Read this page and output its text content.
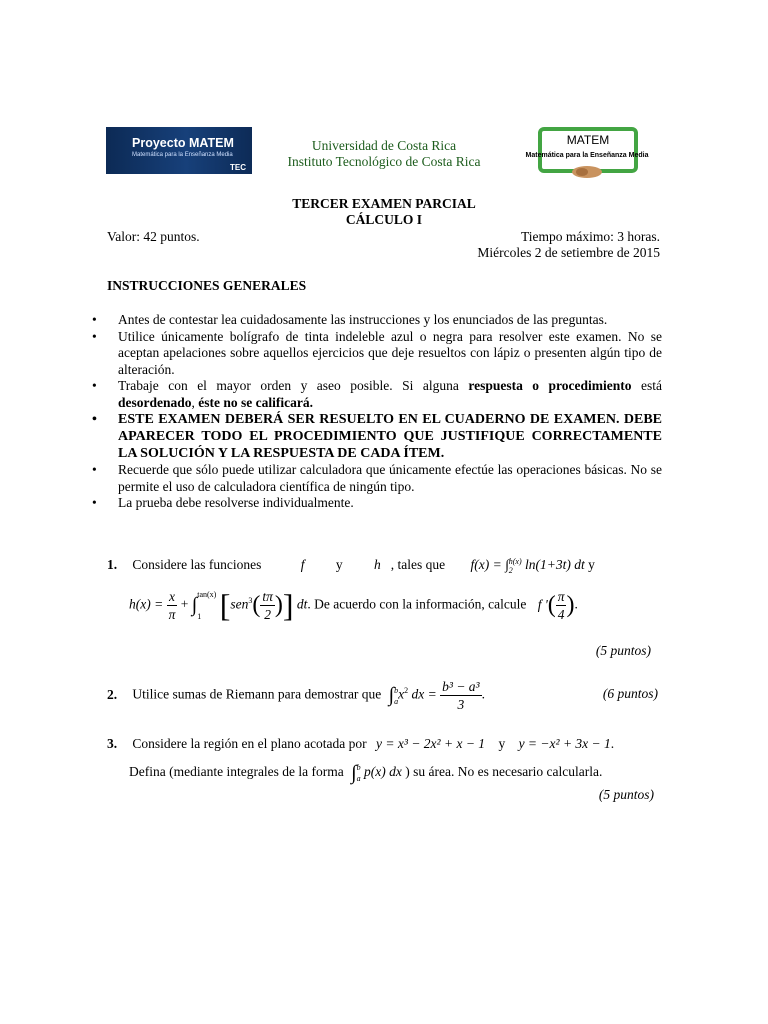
Proyecto MATEM
Matemática para la Enseñanza Media
TEC
Universidad de Costa Rica
Instituto Tecnológico de Costa Rica
MATEM
Matemática para la Enseñanza Media
TERCER EXAMEN PARCIAL
CÁLCULO I
Valor: 42 puntos.	Tiempo máximo: 3 horas.
Miércoles 2 de setiembre de 2015
INSTRUCCIONES GENERALES

• Antes de contestar lea cuidadosamente las instrucciones y los enunciados de las preguntas.

• Utilice únicamente bolígrafo de tinta indeleble azul o negra para resolver este examen. No se aceptan apelaciones sobre aquellos ejercicios que deje resueltos con lápiz o presenten algún tipo de alteración.

• Trabaje con el mayor orden y aseo posible. Si alguna respuesta o procedimiento está desordenado, éste no se calificará.

• ESTE EXAMEN DEBERÁ SER RESUELTO EN EL CUADERNO DE EXAMEN. DEBE APARECER TODO EL PROCEDIMIENTO QUE JUSTIFIQUE CORRECTAMENTE LA SOLUCIÓN Y LA RESPUESTA DE CADA ÍTEM.

• Recuerde que sólo puede utilizar calculadora que únicamente efectúe las operaciones básicas. No se permite el uso de calculadora científica de ningún tipo.

• La prueba debe resolverse individualmente.

1. Considere las funciones	f y h , tales que f(x) = ∫ h(x)
2 ln(1+3t) dt y
$h(x) = \frac{x}{\pi}$ + ∫ tan(x)

1 [$sen^3( \frac{t\pi}{2}$ )] dt. De acuerdo con la información, calcule f '( $\frac{\pi}{4}$ ).
(5 puntos)
2. Utilice sumas de Riemann para demostrar que ∫ b
a $x^2$ dx = $\frac{\text{b³ − a³}}{3}$ .	(6 puntos)
3. Considere la región en el plano acotada por y = x³ − 2x² + x − 1 y y = −x² + 3x − 1.
Defina (mediante integrales de la forma ∫ b
a p(x) dx ) su área. No es necesario calcularla.
(5 puntos)
